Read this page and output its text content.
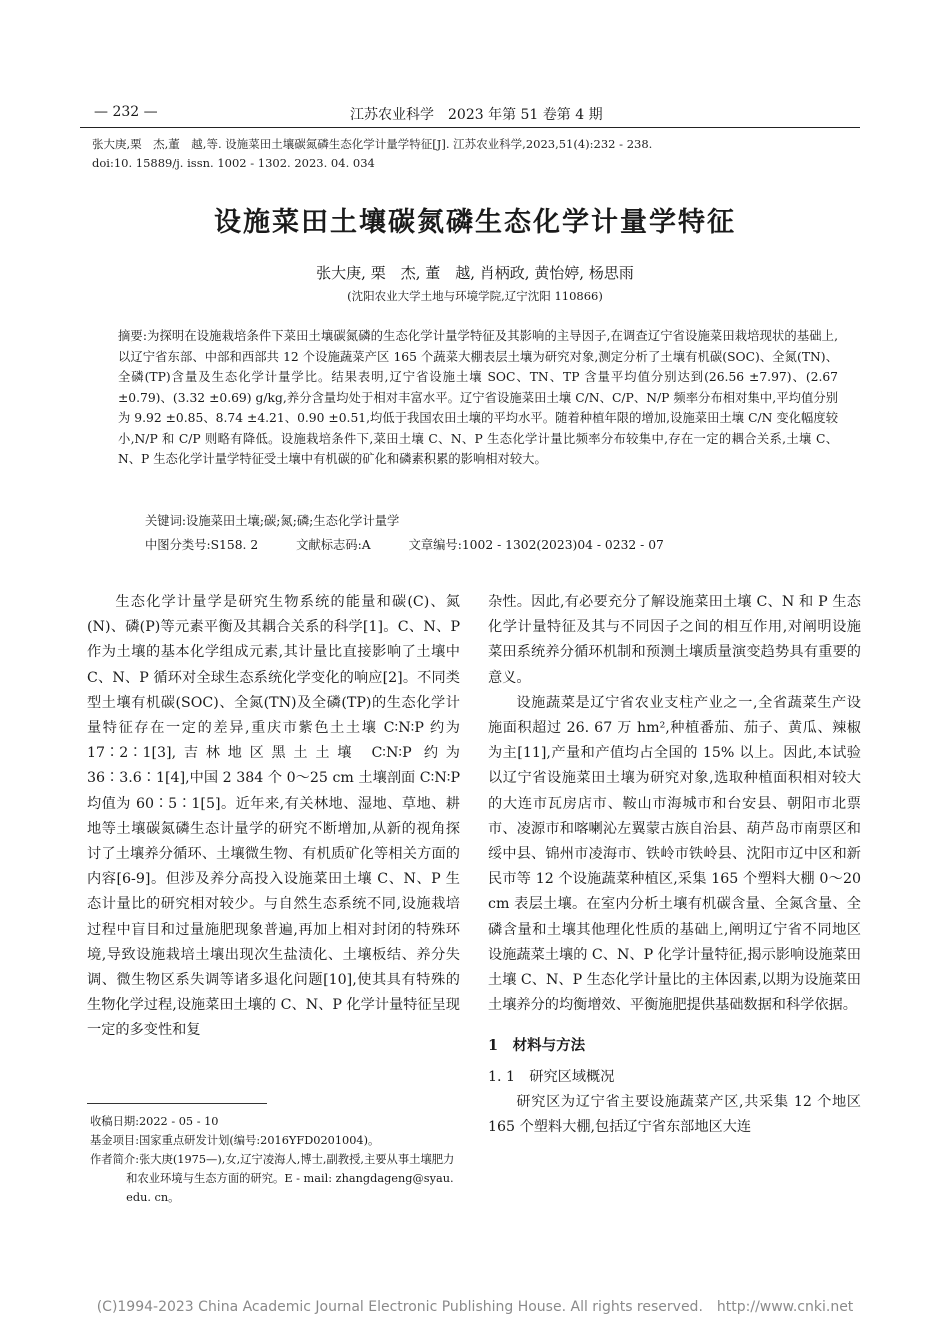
— 232 —	江苏农业科学　2023 年第 51 卷第 4 期
张大庚,栗　杰,董　越,等. 设施菜田土壤碳氮磷生态化学计量学特征[J]. 江苏农业科学,2023,51(4):232 - 238.
doi:10. 15889/j. issn. 1002 - 1302. 2023. 04. 034
设施菜田土壤碳氮磷生态化学计量学特征
张大庚, 栗　杰, 董　越, 肖柄政, 黄怡婷, 杨思雨
(沈阳农业大学土地与环境学院,辽宁沈阳 110866)
摘要:为探明在设施栽培条件下菜田土壤碳氮磷的生态化学计量学特征及其影响的主导因子,在调查辽宁省设施菜田栽培现状的基础上,以辽宁省东部、中部和西部共 12 个设施蔬菜产区 165 个蔬菜大棚表层土壤为研究对象,测定分析了土壤有机碳(SOC)、全氮(TN)、全磷(TP)含量及生态化学计量学比。结果表明,辽宁省设施土壤 SOC、TN、TP 含量平均值分别达到(26.56 ±7.97)、(2.67 ±0.79)、(3.32 ±0.69) g/kg,养分含量均处于相对丰富水平。辽宁省设施菜田土壤 C/N、C/P、N/P 频率分布相对集中,平均值分别为 9.92 ±0.85、8.74 ±4.21、0.90 ±0.51,均低于我国农田土壤的平均水平。随着种植年限的增加,设施菜田土壤 C/N 变化幅度较小,N/P 和 C/P 则略有降低。设施栽培条件下,菜田土壤 C、N、P 生态化学计量比频率分布较集中,存在一定的耦合关系,土壤 C、N、P 生态化学计量学特征受土壤中有机碳的矿化和磷素积累的影响相对较大。
关键词:设施菜田土壤;碳;氮;磷;生态化学计量学
中图分类号:S158. 2	文献标志码:A	文章编号:1002 - 1302(2023)04 - 0232 - 07

生态化学计量学是研究生物系统的能量和碳(C)、氮(N)、磷(P)等元素平衡及其耦合关系的科学[1]。C、N、P 作为土壤的基本化学组成元素,其计量比直接影响了土壤中 C、N、P 循环对全球生态系统化学变化的响应[2]。不同类型土壤有机碳(SOC)、全氮(TN)及全磷(TP)的生态化学计量特征存在一定的差异,重庆市紫色土土壤 C∶N∶P 约为 17∶2∶1[3],吉林地区黑土土壤 C∶N∶P 约为 36∶3.6∶1[4],中国 2 384 个 0～25 cm 土壤剖面 C∶N∶P 均值为 60∶5∶1[5]。近年来,有关林地、湿地、草地、耕地等土壤碳氮磷生态计量学的研究不断增加,从新的视角探讨了土壤养分循环、土壤微生物、有机质矿化等相关方面的内容[6-9]。但涉及养分高投入设施菜田土壤 C、N、P 生态计量比的研究相对较少。与自然生态系统不同,设施栽培过程中盲目和过量施肥现象普遍,再加上相对封闭的特殊环境,导致设施栽培土壤出现次生盐渍化、土壤板结、养分失调、微生物区系失调等诸多退化问题[10],使其具有特殊的生物化学过程,设施菜田土壤的 C、N、P 化学计量特征呈现一定的多变性和复

杂性。因此,有必要充分了解设施菜田土壤 C、N 和 P 生态化学计量特征及其与不同因子之间的相互作用,对阐明设施菜田系统养分循环机制和预测土壤质量演变趋势具有重要的意义。

设施蔬菜是辽宁省农业支柱产业之一,全省蔬菜生产设施面积超过 26. 67 万 hm²,种植番茄、茄子、黄瓜、辣椒为主[11],产量和产值均占全国的 15% 以上。因此,本试验以辽宁省设施菜田土壤为研究对象,选取种植面积相对较大的大连市瓦房店市、鞍山市海城市和台安县、朝阳市北票市、凌源市和喀喇沁左翼蒙古族自治县、葫芦岛市南票区和绥中县、锦州市凌海市、铁岭市铁岭县、沈阳市辽中区和新民市等 12 个设施蔬菜种植区,采集 165 个塑料大棚 0～20 cm 表层土壤。在室内分析土壤有机碳含量、全氮含量、全磷含量和土壤其他理化性质的基础上,阐明辽宁省不同地区设施蔬菜土壤的 C、N、P 化学计量特征,揭示影响设施菜田土壤 C、N、P 生态化学计量比的主体因素,以期为设施菜田土壤养分的均衡增效、平衡施肥提供基础数据和科学依据。

1　材料与方法
1. 1　研究区域概况

研究区为辽宁省主要设施蔬菜产区,共采集 12 个地区 165 个塑料大棚,包括辽宁省东部地区大连

收稿日期:2022 - 05 - 10
基金项目:国家重点研发计划(编号:2016YFD0201004)。
作者简介:张大庚(1975—),女,辽宁凌海人,博士,副教授,主要从事土壤肥力和农业环境与生态方面的研究。E - mail: zhangdageng@syau. edu. cn。
(C)1994-2023 China Academic Journal Electronic Publishing House. All rights reserved.　http://www.cnki.net
